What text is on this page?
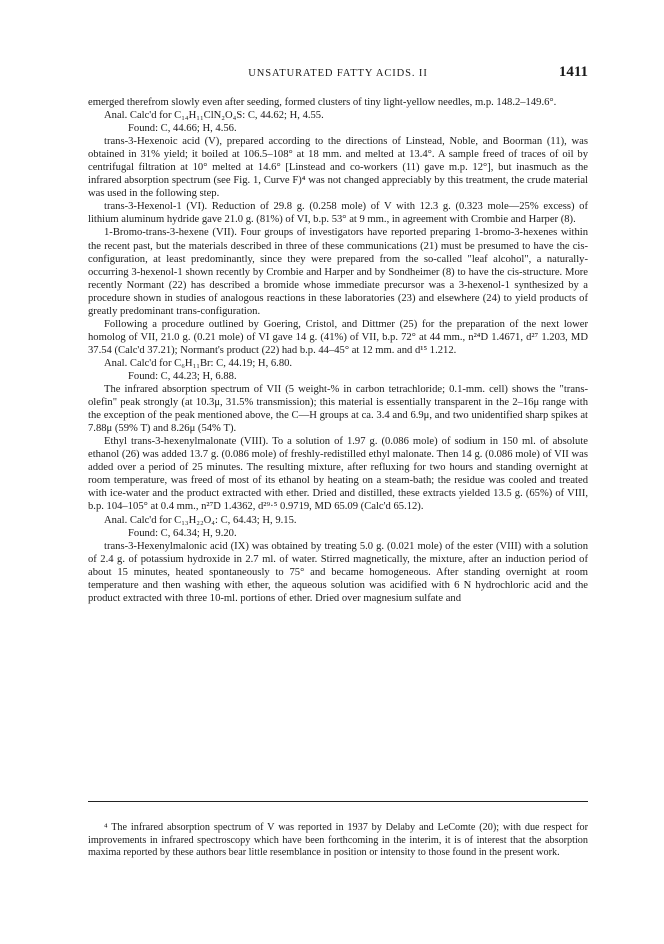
UNSATURATED FATTY ACIDS. II	1411

emerged therefrom slowly even after seeding, formed clusters of tiny light-yellow needles, m.p. 148.2–149.6°.

Anal. Calc'd for C₁₄H₁₁ClN₂O₄S: C, 44.62; H, 4.55.

Found: C, 44.66; H, 4.56.

trans-3-Hexenoic acid (V), prepared according to the directions of Linstead, Noble, and Boorman (11), was obtained in 31% yield; it boiled at 106.5–108° at 18 mm. and melted at 13.4°. A sample freed of traces of oil by centrifugal filtration at 10° melted at 14.6° [Linstead and co-workers (11) gave m.p. 12°], but inasmuch as the infrared absorption spectrum (see Fig. 1, Curve F)⁴ was not changed appreciably by this treatment, the crude material was used in the following step.

trans-3-Hexenol-1 (VI). Reduction of 29.8 g. (0.258 mole) of V with 12.3 g. (0.323 mole—25% excess) of lithium aluminum hydride gave 21.0 g. (81%) of VI, b.p. 53° at 9 mm., in agreement with Crombie and Harper (8).

1-Bromo-trans-3-hexene (VII). Four groups of investigators have reported preparing 1-bromo-3-hexenes within the recent past, but the materials described in three of these communications (21) must be presumed to have the cis-configuration, at least predominantly, since they were prepared from the so-called "leaf alcohol", a naturally-occurring 3-hexenol-1 shown recently by Crombie and Harper and by Sondheimer (8) to have the cis-structure. More recently Normant (22) has described a bromide whose immediate precursor was a 3-hexenol-1 synthesized by a procedure shown in studies of analogous reactions in these laboratories (23) and elsewhere (24) to yield products of greatly predominant trans-configuration.

Following a procedure outlined by Goering, Cristol, and Dittmer (25) for the preparation of the next lower homolog of VII, 21.0 g. (0.21 mole) of VI gave 14 g. (41%) of VII, b.p. 72° at 44 mm., n²⁴D 1.4671, d²⁷ 1.203, MD 37.54 (Calc'd 37.21); Normant's product (22) had b.p. 44–45° at 12 mm. and d¹⁵ 1.212.

Anal. Calc'd for C₆H₁₁Br: C, 44.19; H, 6.80.

Found: C, 44.23; H, 6.88.

The infrared absorption spectrum of VII (5 weight-% in carbon tetrachloride; 0.1-mm. cell) shows the "trans-olefin" peak strongly (at 10.3μ, 31.5% transmission); this material is essentially transparent in the 2–16μ range with the exception of the peak mentioned above, the C—H groups at ca. 3.4 and 6.9μ, and two unidentified sharp spikes at 7.88μ (59% T) and 8.26μ (54% T).

Ethyl trans-3-hexenylmalonate (VIII). To a solution of 1.97 g. (0.086 mole) of sodium in 150 ml. of absolute ethanol (26) was added 13.7 g. (0.086 mole) of freshly-redistilled ethyl malonate. Then 14 g. (0.086 mole) of VII was added over a period of 25 minutes. The resulting mixture, after refluxing for two hours and standing overnight at room temperature, was freed of most of its ethanol by heating on a steam-bath; the residue was cooled and treated with ice-water and the product extracted with ether. Dried and distilled, these extracts yielded 13.5 g. (65%) of VIII, b.p. 104–105° at 0.4 mm., n²⁷D 1.4362, d²⁹·⁵ 0.9719, MD 65.09 (Calc'd 65.12).

Anal. Calc'd for C₁₃H₂₂O₄: C, 64.43; H, 9.15.

Found: C, 64.34; H, 9.20.

trans-3-Hexenylmalonic acid (IX) was obtained by treating 5.0 g. (0.021 mole) of the ester (VIII) with a solution of 2.4 g. of potassium hydroxide in 2.7 ml. of water. Stirred magnetically, the mixture, after an induction period of about 15 minutes, heated spontaneously to 75° and became homogeneous. After standing overnight at room temperature and then washing with ether, the aqueous solution was acidified with 6 N hydrochloric acid and the product extracted with three 10-ml. portions of ether. Dried over magnesium sulfate and

⁴ The infrared absorption spectrum of V was reported in 1937 by Delaby and LeComte (20); with due respect for improvements in infrared spectroscopy which have been forthcoming in the interim, it is of interest that the absorption maxima reported by these authors bear little resemblance in position or intensity to those found in the present work.
